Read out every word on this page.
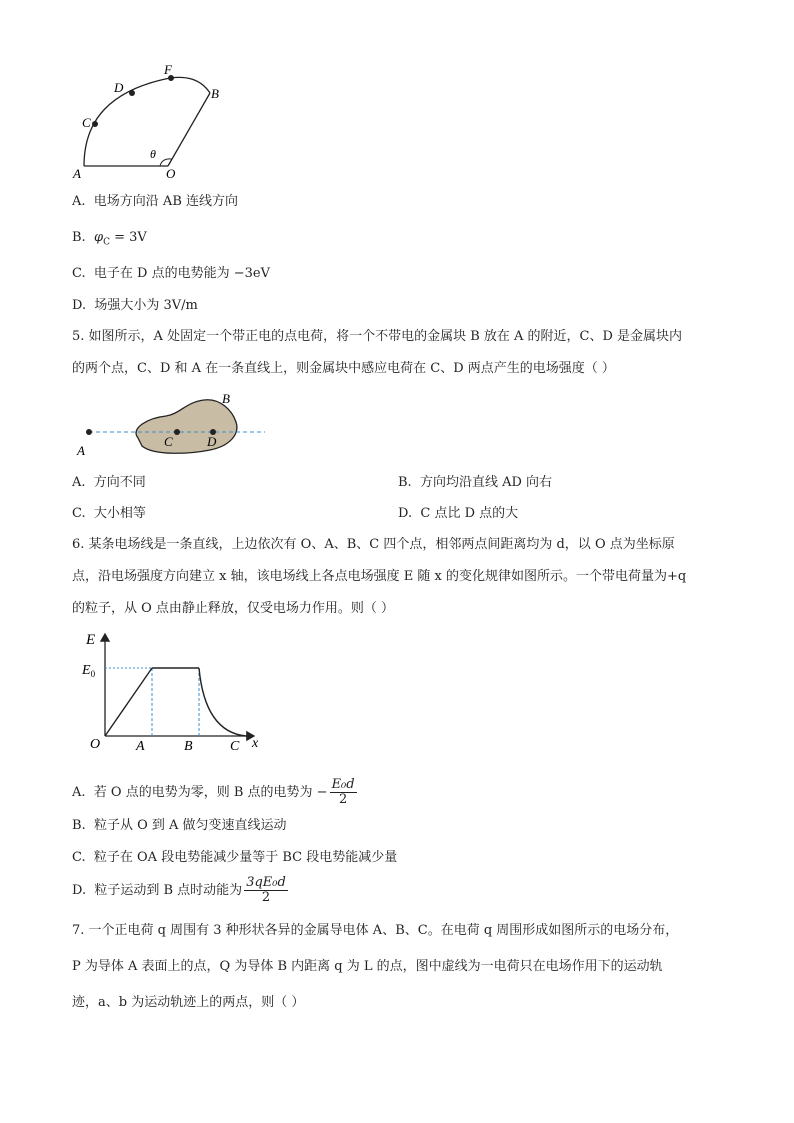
A	O
B
C
D
F
θ
A. 电场方向沿 AB 连线方向
B. $\varphi_C = 3V$
C. 电子在 D 点的电势能为 −3eV
D. 场强大小为 3V/m
5. 如图所示，A 处固定一个带正电的点电荷，将一个不带电的金属块 B 放在 A 的附近，C、D 是金属块内
的两个点，C、D 和 A 在一条直线上，则金属块中感应电荷在 C、D 两点产生的电场强度（ ）
A
B
C	D
A. 方向不同	B. 方向均沿直线 AD 向右
C. 大小相等	D. C 点比 D 点的大
6. 某条电场线是一条直线，上边依次有 O、A、B、C 四个点，相邻两点间距离均为 d，以 O 点为坐标原
点，沿电场强度方向建立 x 轴，该电场线上各点电场强度 E 随 x 的变化规律如图所示。一个带电荷量为+q
的粒子，从 O 点由静止释放，仅受电场力作用。则（ ）
E
x
$E_0$
O	A	B	C
A. 若 O 点的电势为零，则 B 点的电势为 − $\frac{\text{E₀d}}{2}$
B. 粒子从 O 到 A 做匀变速直线运动
C. 粒子在 OA 段电势能减少量等于 BC 段电势能减少量
D. 粒子运动到 B 点时动能为 $\frac{\text{3qE₀d}}{2}$
7. 一个正电荷 q 周围有 3 种形状各异的金属导电体 A、B、C。在电荷 q 周围形成如图所示的电场分布，
P 为导体 A 表面上的点，Q 为导体 B 内距离 q 为 L 的点，图中虚线为一电荷只在电场作用下的运动轨
迹，a、b 为运动轨迹上的两点，则（ ）
